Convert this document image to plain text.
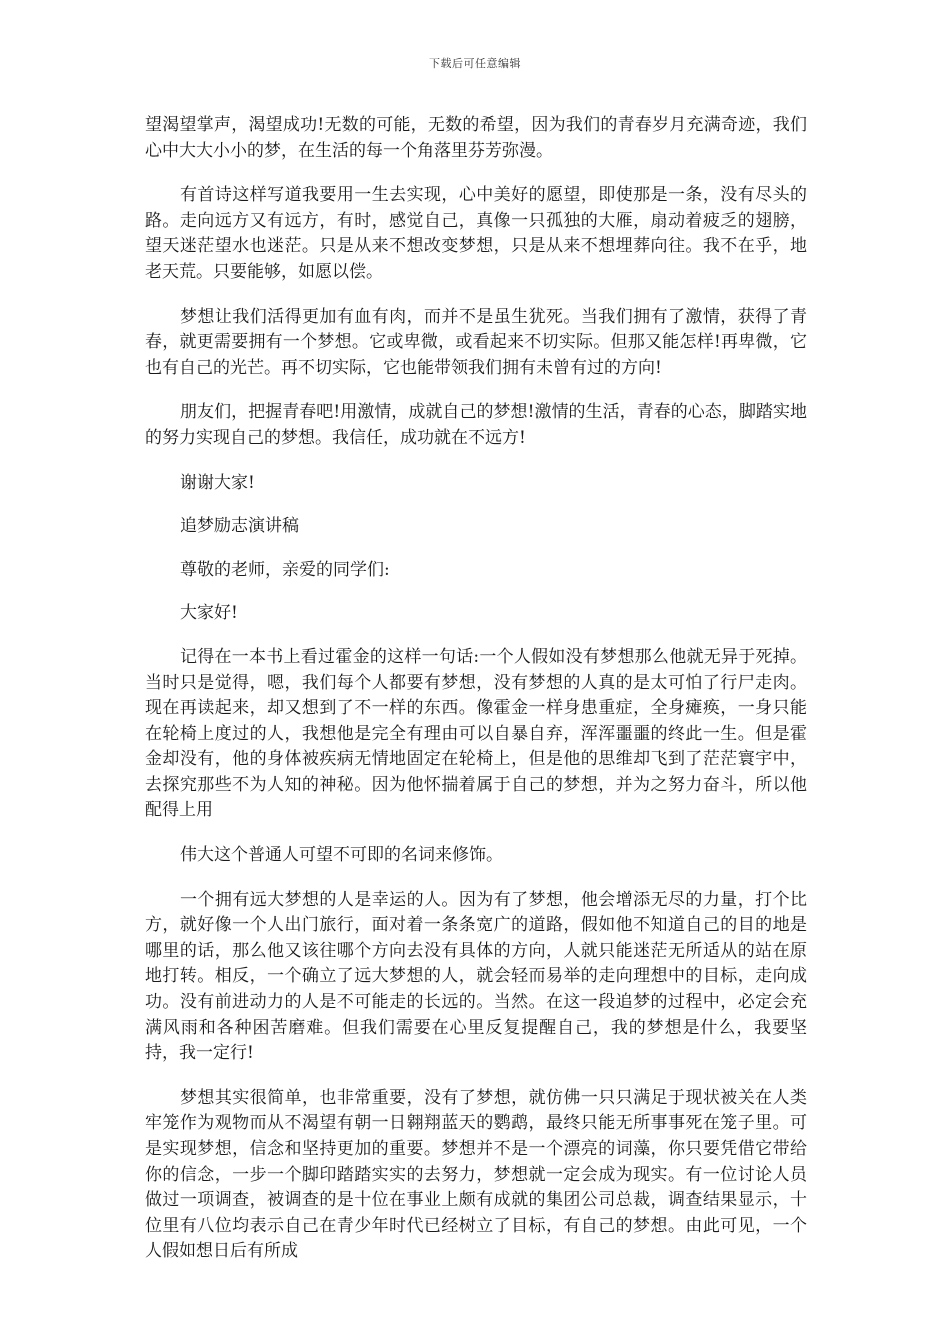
下载后可任意编辑

望渴望掌声，渴望成功!无数的可能，无数的希望，因为我们的青春岁月充满奇迹，我们心中大大小小的梦，在生活的每一个角落里芬芳弥漫。

有首诗这样写道我要用一生去实现，心中美好的愿望，即使那是一条，没有尽头的路。走向远方又有远方，有时，感觉自己，真像一只孤独的大雁，扇动着疲乏的翅膀，望天迷茫望水也迷茫。只是从来不想改变梦想，只是从来不想埋葬向往。我不在乎，地老天荒。只要能够，如愿以偿。

梦想让我们活得更加有血有肉，而并不是虽生犹死。当我们拥有了激情，获得了青春，就更需要拥有一个梦想。它或卑微，或看起来不切实际。但那又能怎样!再卑微，它也有自己的光芒。再不切实际，它也能带领我们拥有未曾有过的方向!

朋友们，把握青春吧!用激情，成就自己的梦想!激情的生活，青春的心态，脚踏实地的努力实现自己的梦想。我信任，成功就在不远方!

谢谢大家!

追梦励志演讲稿

尊敬的老师，亲爱的同学们:

大家好!

记得在一本书上看过霍金的这样一句话:一个人假如没有梦想那么他就无异于死掉。当时只是觉得，嗯，我们每个人都要有梦想，没有梦想的人真的是太可怕了行尸走肉。现在再读起来，却又想到了不一样的东西。像霍金一样身患重症，全身瘫痪，一身只能在轮椅上度过的人，我想他是完全有理由可以自暴自弃，浑浑噩噩的终此一生。但是霍金却没有，他的身体被疾病无情地固定在轮椅上，但是他的思维却飞到了茫茫寰宇中，去探究那些不为人知的神秘。因为他怀揣着属于自己的梦想，并为之努力奋斗，所以他配得上用

伟大这个普通人可望不可即的名词来修饰。

一个拥有远大梦想的人是幸运的人。因为有了梦想，他会增添无尽的力量，打个比方，就好像一个人出门旅行，面对着一条条宽广的道路，假如他不知道自己的目的地是哪里的话，那么他又该往哪个方向去没有具体的方向，人就只能迷茫无所适从的站在原地打转。相反，一个确立了远大梦想的人，就会轻而易举的走向理想中的目标，走向成功。没有前进动力的人是不可能走的长远的。当然。在这一段追梦的过程中，必定会充满风雨和各种困苦磨难。但我们需要在心里反复提醒自己，我的梦想是什么，我要坚持，我一定行!

梦想其实很简单，也非常重要，没有了梦想，就仿佛一只只满足于现状被关在人类牢笼作为观物而从不渴望有朝一日翱翔蓝天的鹦鹉，最终只能无所事事死在笼子里。可是实现梦想，信念和坚持更加的重要。梦想并不是一个漂亮的词藻，你只要凭借它带给你的信念，一步一个脚印踏踏实实的去努力，梦想就一定会成为现实。有一位讨论人员做过一项调查，被调查的是十位在事业上颇有成就的集团公司总裁，调查结果显示，十位里有八位均表示自己在青少年时代已经树立了目标，有自己的梦想。由此可见，一个人假如想日后有所成
